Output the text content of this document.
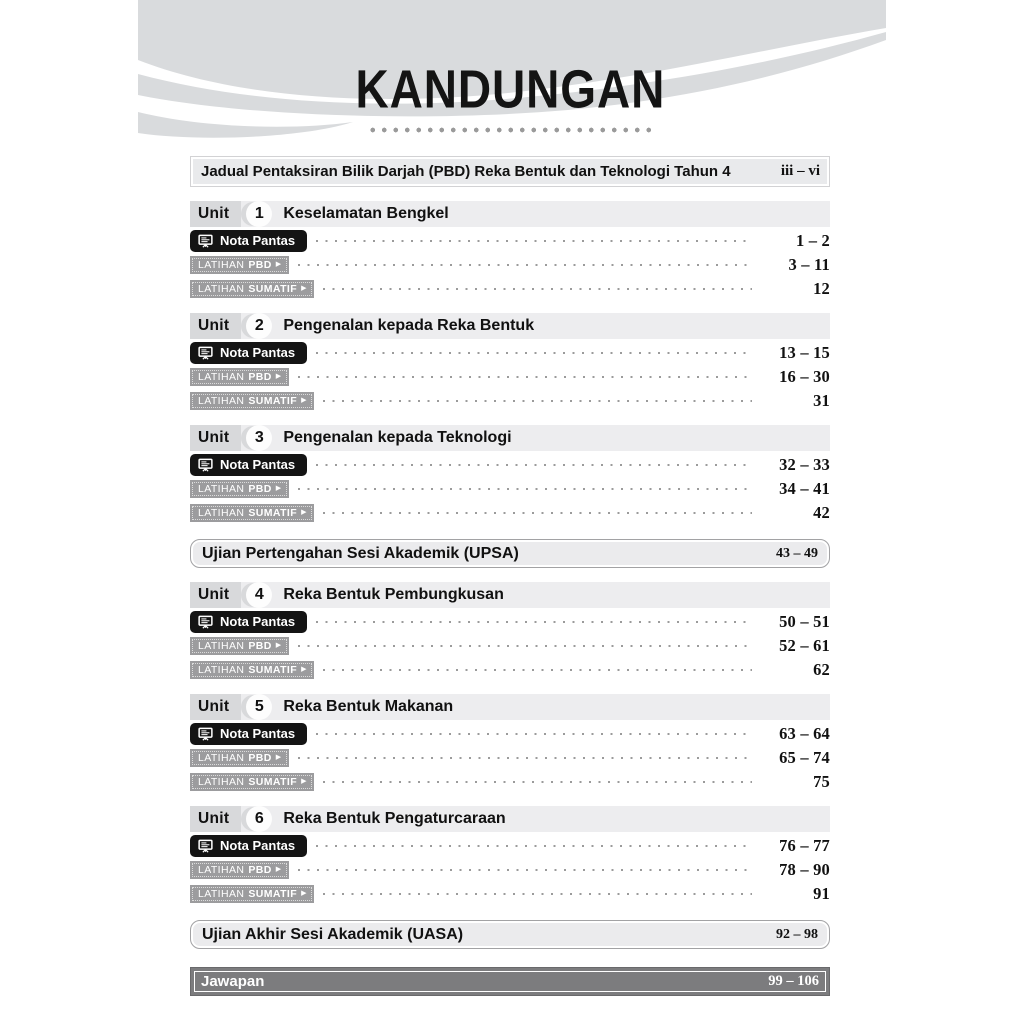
KANDUNGAN
Jadual Pentaksiran Bilik Darjah (PBD) Reka Bentuk dan Teknologi Tahun 4	iii – vi
Unit	1	Keselamatan Bengkel
Nota Pantas	1 – 2
LATIHAN PBD ▶	3 – 11
LATIHAN SUMATIF ▶	12
Unit	2	Pengenalan kepada Reka Bentuk
Nota Pantas	13 – 15
LATIHAN PBD ▶	16 – 30
LATIHAN SUMATIF ▶	31
Unit	3	Pengenalan kepada Teknologi
Nota Pantas	32 – 33
LATIHAN PBD ▶	34 – 41
LATIHAN SUMATIF ▶	42
Ujian Pertengahan Sesi Akademik (UPSA)	43 – 49
Unit	4	Reka Bentuk Pembungkusan
Nota Pantas	50 – 51
LATIHAN PBD ▶	52 – 61
LATIHAN SUMATIF ▶	62
Unit	5	Reka Bentuk Makanan
Nota Pantas	63 – 64
LATIHAN PBD ▶	65 – 74
LATIHAN SUMATIF ▶	75
Unit	6	Reka Bentuk Pengaturcaraan
Nota Pantas	76 – 77
LATIHAN PBD ▶	78 – 90
LATIHAN SUMATIF ▶	91
Ujian Akhir Sesi Akademik (UASA)	92 – 98
Jawapan	99 – 106
